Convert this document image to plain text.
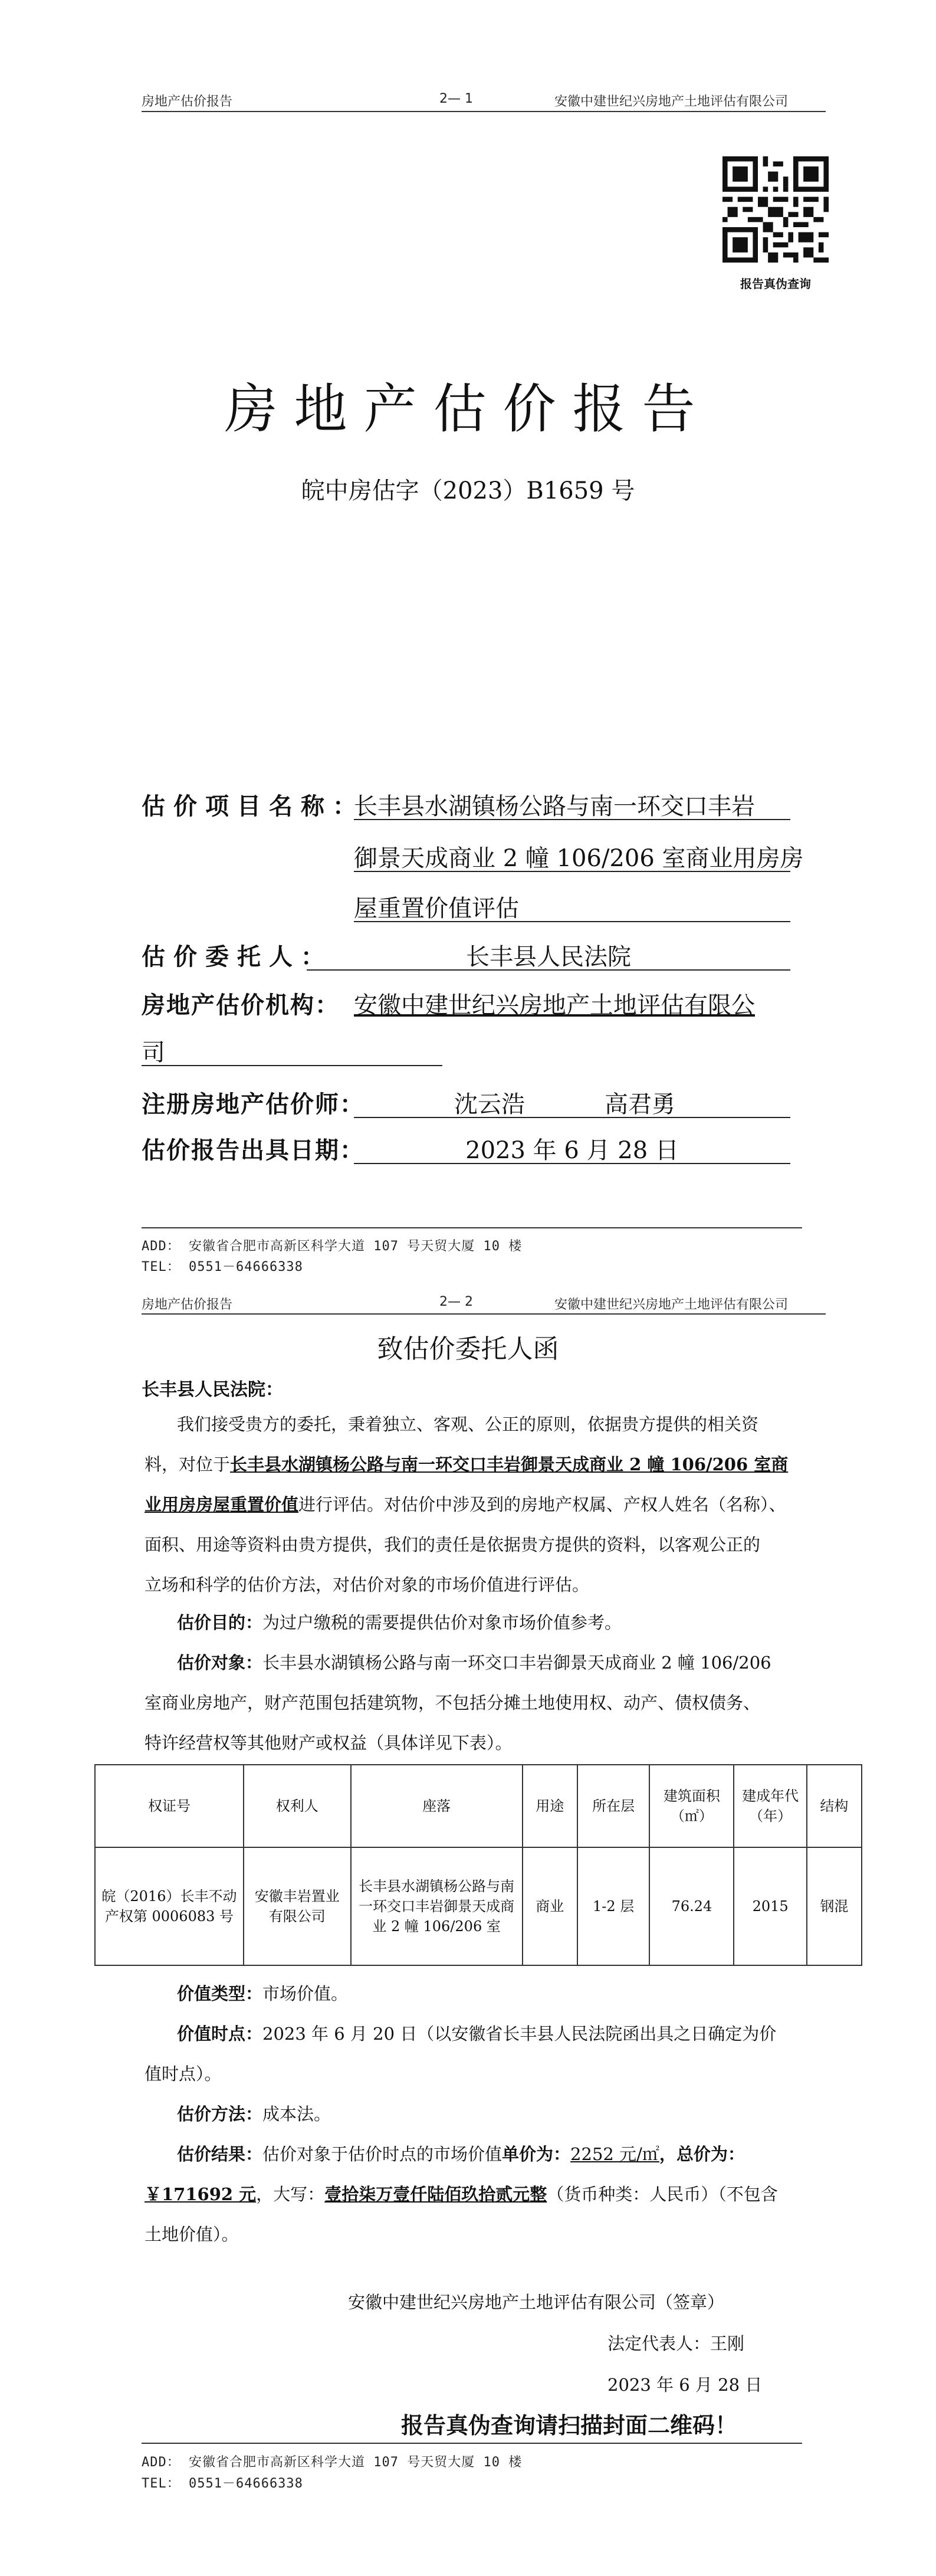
房地产估价报告	2— 1	安徽中建世纪兴房地产土地评估有限公司
报告真伪查询
房地产估价报告
皖中房估字（2023）B1659 号
估价项目名称：
长丰县水湖镇杨公路与南一环交口丰岩
御景天成商业 2 幢 106/206 室商业用房房
屋重置价值评估
估价委托人：	长丰县人民法院
房地产估价机构： 安徽中建世纪兴房地产土地评估有限公
司
注册房地产估价师：	沈云浩	高君勇
估价报告出具日期：	2023 年 6 月 28 日
ADD： 安徽省合肥市高新区科学大道 107 号天贸大厦 10 楼
TEL： 0551－64666338
房地产估价报告	2— 2	安徽中建世纪兴房地产土地评估有限公司
致估价委托人函
长丰县人民法院：
我们接受贵方的委托，秉着独立、客观、公正的原则，依据贵方提供的相关资
料，对位于长丰县水湖镇杨公路与南一环交口丰岩御景天成商业 2 幢 106/206 室商
业用房房屋重置价值进行评估。对估价中涉及到的房地产权属、产权人姓名（名称）、
面积、用途等资料由贵方提供，我们的责任是依据贵方提供的资料，以客观公正的
立场和科学的估价方法，对估价对象的市场价值进行评估。
估价目的：为过户缴税的需要提供估价对象市场价值参考。
估价对象：长丰县水湖镇杨公路与南一环交口丰岩御景天成商业 2 幢 106/206
室商业房地产，财产范围包括建筑物，不包括分摊土地使用权、动产、债权债务、
特许经营权等其他财产或权益（具体详见下表）。
权证号	权利人	座落	用途	所在层	建筑面积（㎡）	建成年代（年）	结构
皖（2016）长丰不动产权第 0006083 号	安徽丰岩置业有限公司	长丰县水湖镇杨公路与南一环交口丰岩御景天成商业 2 幢 106/206 室	商业	1-2 层	76.24	2015	钢混
价值类型：市场价值。
价值时点：2023 年 6 月 20 日（以安徽省长丰县人民法院函出具之日确定为价
值时点）。
估价方法：成本法。
估价结果：估价对象于估价时点的市场价值单价为：2252 元/㎡，总价为：
￥171692 元，大写：壹拾柒万壹仟陆佰玖拾贰元整（货币种类：人民币）（不包含
土地价值）。
安徽中建世纪兴房地产土地评估有限公司（签章）
法定代表人：王刚
2023 年 6 月 28 日
报告真伪查询请扫描封面二维码！
ADD： 安徽省合肥市高新区科学大道 107 号天贸大厦 10 楼
TEL： 0551－64666338
